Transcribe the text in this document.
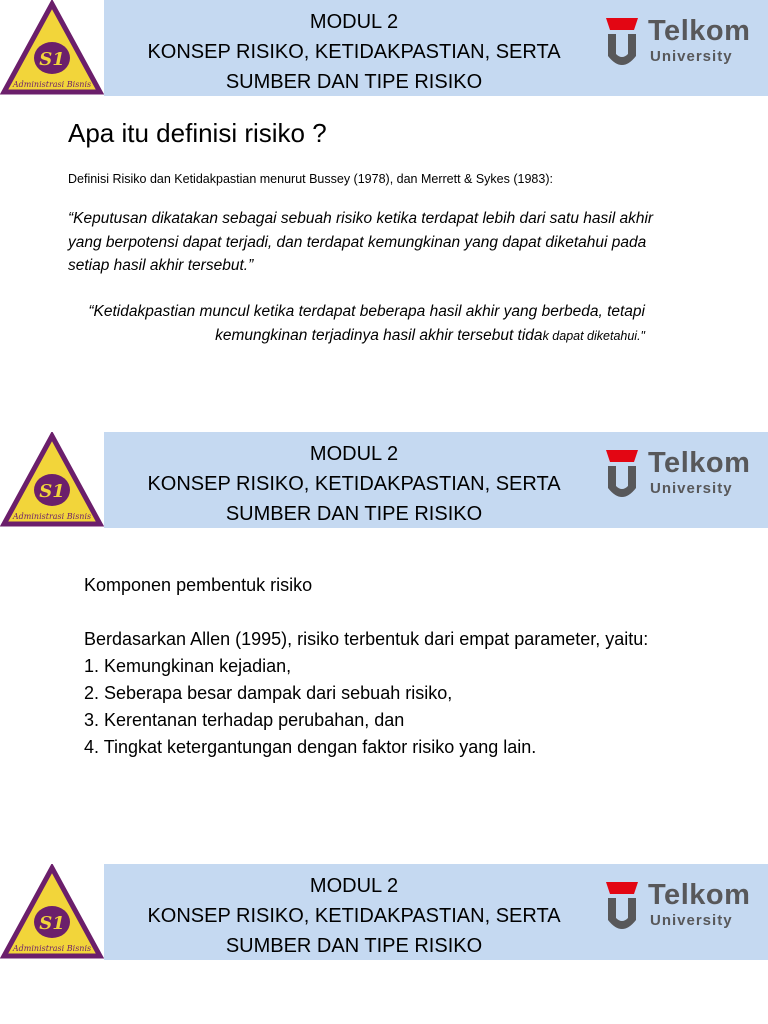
S1
Administrasi Bisnis
MODUL 2
KONSEP RISIKO, KETIDAKPASTIAN, SERTA
SUMBER DAN TIPE RISIKO
Telkom
University
Apa itu definisi risiko ?
Definisi Risiko dan Ketidakpastian menurut Bussey (1978), dan Merrett & Sykes (1983):
“Keputusan dikatakan sebagai sebuah risiko ketika terdapat lebih dari satu hasil akhir yang berpotensi dapat terjadi, dan terdapat kemungkinan yang dapat diketahui pada setiap hasil akhir tersebut.”
“Ketidakpastian muncul ketika terdapat beberapa hasil akhir yang berbeda, tetapi kemungkinan terjadinya hasil akhir tersebut tidak dapat diketahui."
S1
Administrasi Bisnis
MODUL 2
KONSEP RISIKO, KETIDAKPASTIAN, SERTA
SUMBER DAN TIPE RISIKO
Telkom
University

Komponen pembentuk risiko

Berdasarkan Allen (1995), risiko terbentuk dari empat parameter, yaitu:

1. Kemungkinan kejadian,

2. Seberapa besar dampak dari sebuah risiko,

3. Kerentanan terhadap perubahan, dan

4. Tingkat ketergantungan dengan faktor risiko yang lain.

S1
Administrasi Bisnis
MODUL 2
KONSEP RISIKO, KETIDAKPASTIAN, SERTA
SUMBER DAN TIPE RISIKO
Telkom
University
